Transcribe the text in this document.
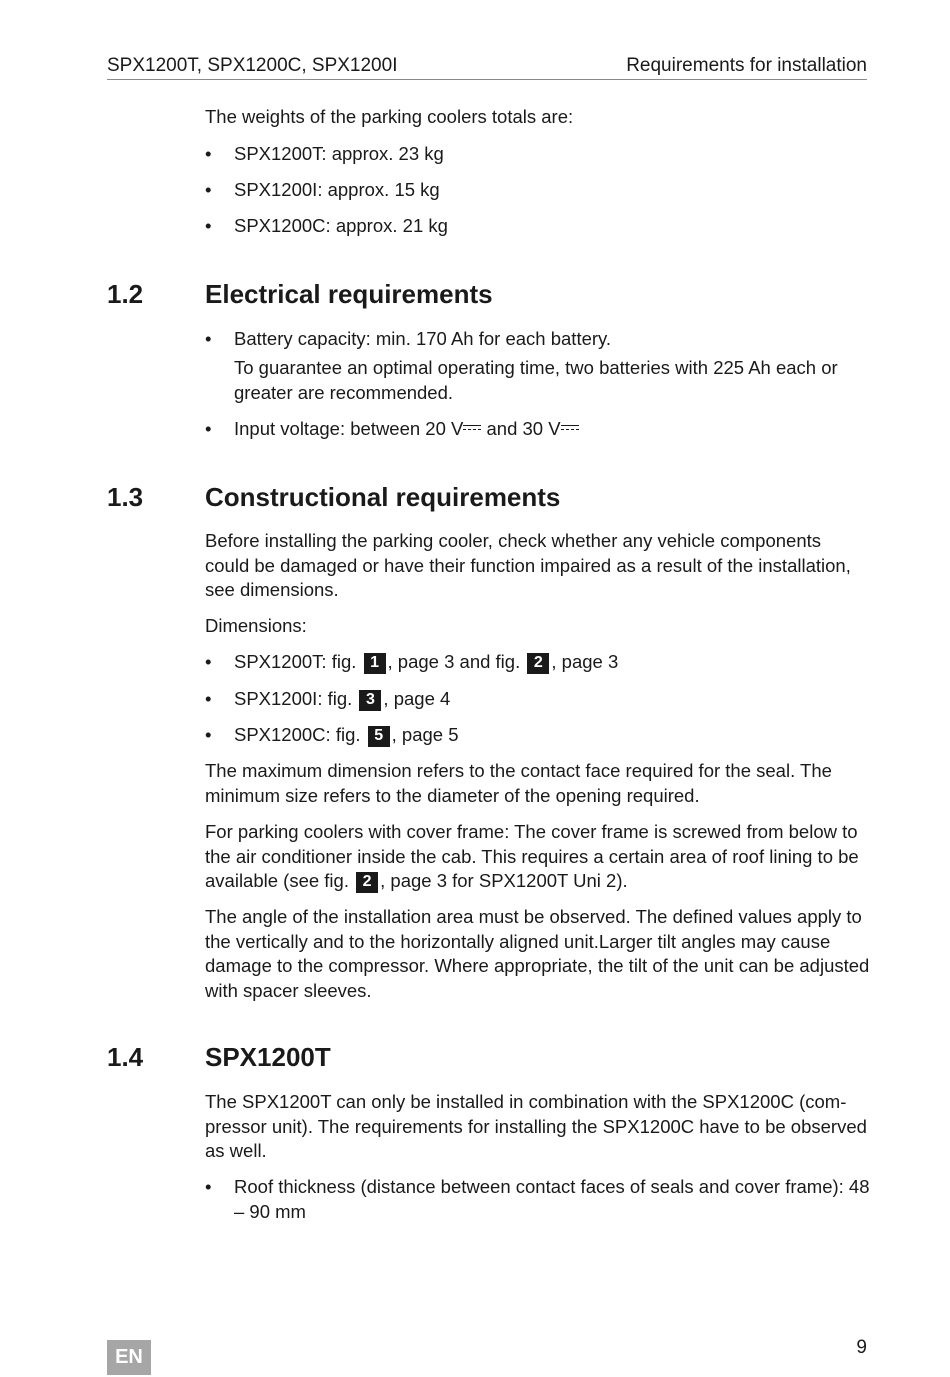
SPX1200T, SPX1200C, SPX1200I	Requirements for installation

The weights of the parking coolers totals are:

• SPX1200T: approx. 23 kg
• SPX1200I: approx. 15 kg
• SPX1200C: approx. 21 kg
1.2 Electrical requirements
• Battery capacity: min. 170 Ah for each battery.
To guarantee an optimal operating time, two batteries with 225 Ah each or greater are recommended.
• Input voltage: between 20 V and 30 V
1.3 Constructional requirements

Before installing the parking cooler, check whether any vehicle components could be damaged or have their function impaired as a result of the installation, see dimensions.

Dimensions:

• SPX1200T: fig. 1 , page 3 and fig. 2 , page 3
• SPX1200I: fig. 3 , page 4
• SPX1200C: fig. 5 , page 5

The maximum dimension refers to the contact face required for the seal. The minimum size refers to the diameter of the opening required.

For parking coolers with cover frame: The cover frame is screwed from below to the air conditioner inside the cab. This requires a certain area of roof lining to be available (see fig. 2 , page 3 for SPX1200T Uni 2).

The angle of the installation area must be observed. The defined values apply to the vertically and to the horizontally aligned unit.Larger tilt angles may cause damage to the compressor. Where appropriate, the tilt of the unit can be adjusted with spacer sleeves.

1.4 SPX1200T

The SPX1200T can only be installed in combination with the SPX1200C (compressor unit). The requirements for installing the SPX1200C have to be observed as well.

• Roof thickness (distance between contact faces of seals and cover frame): 48 – 90 mm
EN	9
